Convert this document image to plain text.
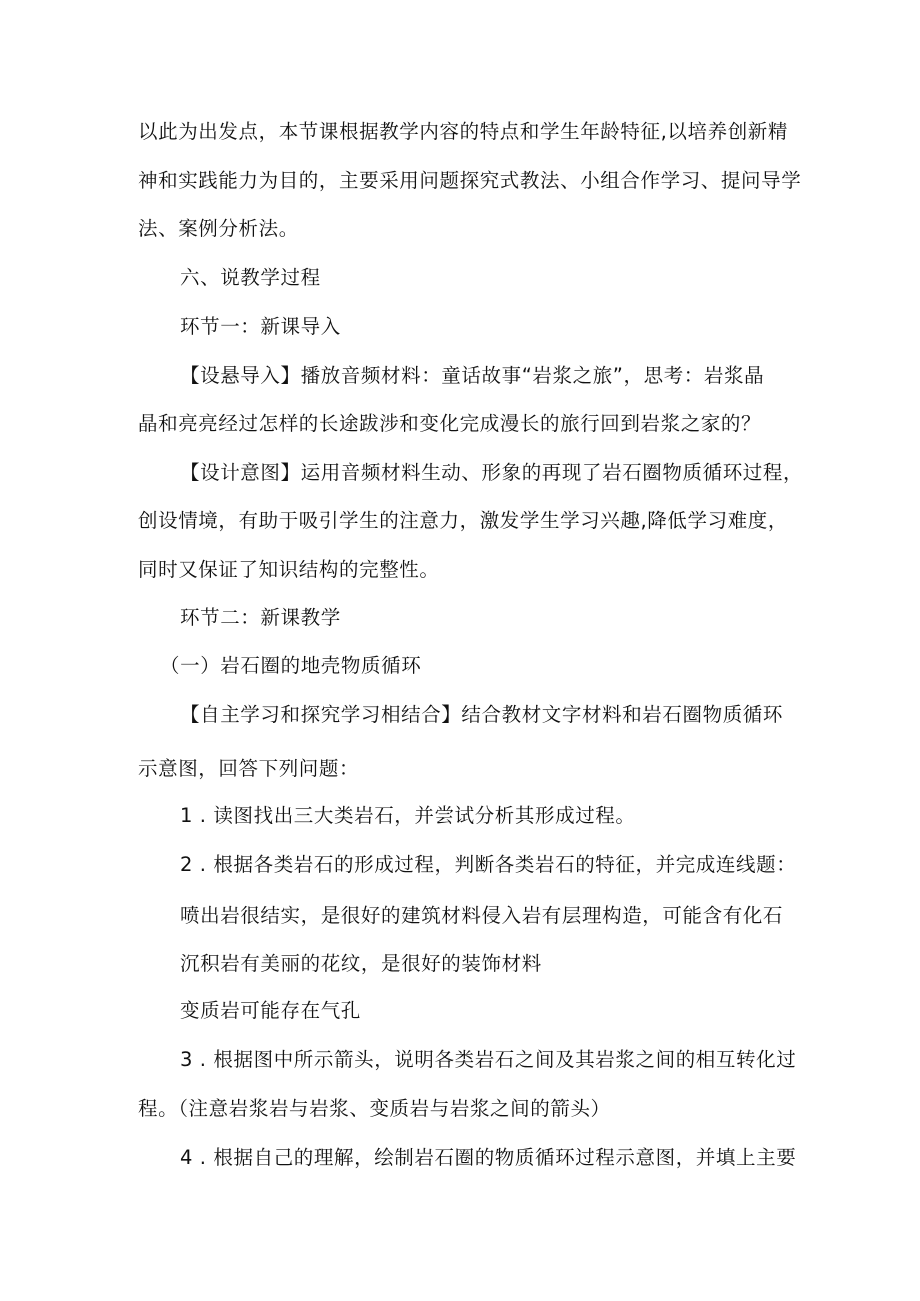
以此为出发点，本节课根据教学内容的特点和学生年龄特征,以培养创新精
神和实践能力为目的，主要采用问题探究式教法、小组合作学习、提问导学
法、案例分析法。
六、说教学过程
环节一：新课导入
【设悬导入】播放音频材料：童话故事“岩浆之旅”，思考：岩浆晶
晶和亮亮经过怎样的长途跋涉和变化完成漫长的旅行回到岩浆之家的？
【设计意图】运用音频材料生动、形象的再现了岩石圈物质循环过程，
创设情境，有助于吸引学生的注意力，激发学生学习兴趣,降低学习难度，
同时又保证了知识结构的完整性。
环节二：新课教学
（一）岩石圈的地壳物质循环
【自主学习和探究学习相结合】结合教材文字材料和岩石圈物质循环
示意图，回答下列问题：
1 . 读图找出三大类岩石，并尝试分析其形成过程。
2 . 根据各类岩石的形成过程，判断各类岩石的特征，并完成连线题：
喷出岩很结实，是很好的建筑材料侵入岩有层理构造，可能含有化石
沉积岩有美丽的花纹，是很好的装饰材料
变质岩可能存在气孔
3 . 根据图中所示箭头，说明各类岩石之间及其岩浆之间的相互转化过
程。（注意岩浆岩与岩浆、变质岩与岩浆之间的箭头）
4 . 根据自己的理解，绘制岩石圈的物质循环过程示意图，并填上主要
